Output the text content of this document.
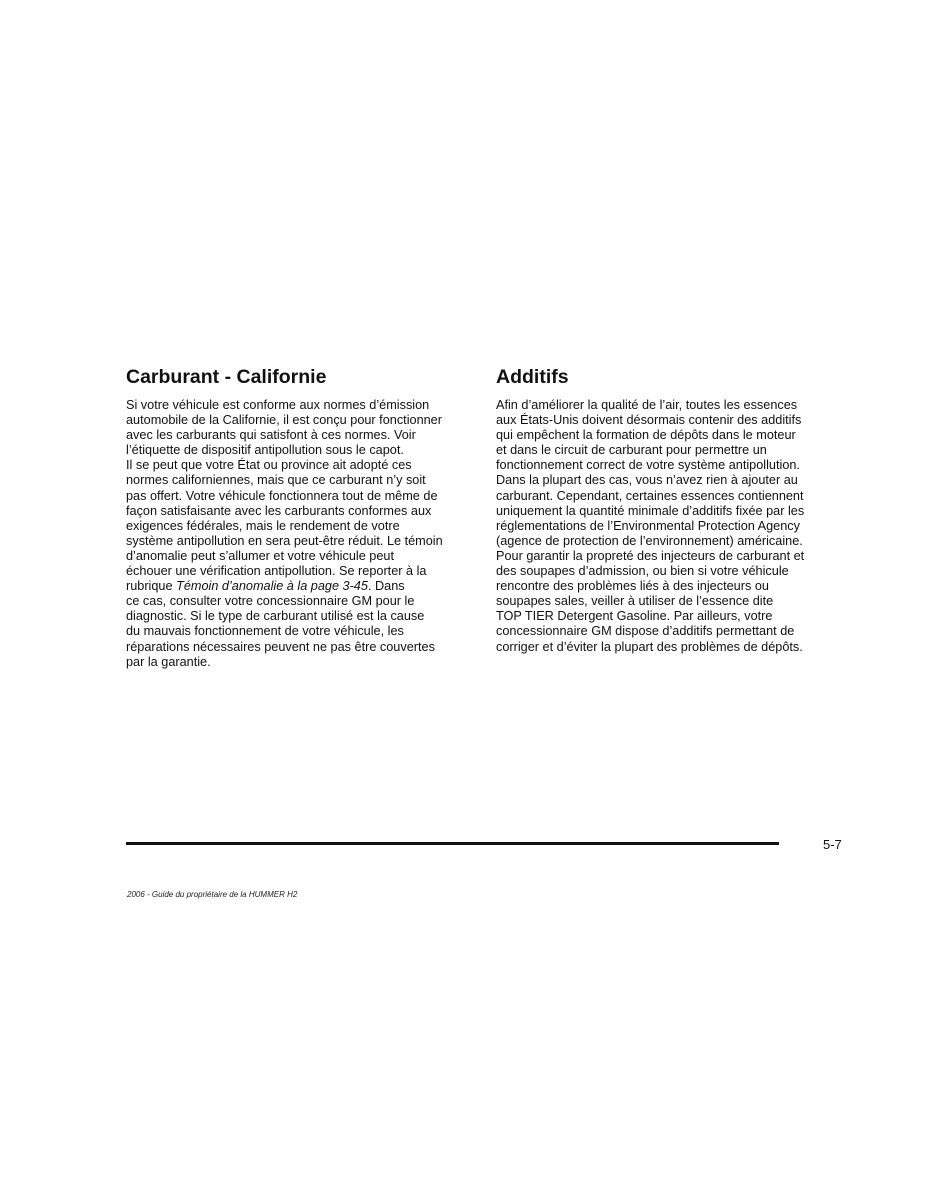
Carburant - Californie

Si votre véhicule est conforme aux normes d’émission
automobile de la Californie, il est conçu pour fonctionner
avec les carburants qui satisfont à ces normes. Voir
l’étiquette de dispositif antipollution sous le capot.
Il se peut que votre État ou province ait adopté ces
normes californiennes, mais que ce carburant n’y soit
pas offert. Votre véhicule fonctionnera tout de même de
façon satisfaisante avec les carburants conformes aux
exigences fédérales, mais le rendement de votre
système antipollution en sera peut-être réduit. Le témoin
d’anomalie peut s’allumer et votre véhicule peut
échouer une vérification antipollution. Se reporter à la
rubrique Témoin d’anomalie à la page 3-45. Dans
ce cas, consulter votre concessionnaire GM pour le
diagnostic. Si le type de carburant utilisé est la cause
du mauvais fonctionnement de votre véhicule, les
réparations nécessaires peuvent ne pas être couvertes
par la garantie.

Additifs

Afin d’améliorer la qualité de l’air, toutes les essences
aux États-Unis doivent désormais contenir des additifs
qui empêchent la formation de dépôts dans le moteur
et dans le circuit de carburant pour permettre un
fonctionnement correct de votre système antipollution.
Dans la plupart des cas, vous n’avez rien à ajouter au
carburant. Cependant, certaines essences contiennent
uniquement la quantité minimale d’additifs fixée par les
réglementations de l’Environmental Protection Agency
(agence de protection de l’environnement) américaine.
Pour garantir la propreté des injecteurs de carburant et
des soupapes d’admission, ou bien si votre véhicule
rencontre des problèmes liés à des injecteurs ou
soupapes sales, veiller à utiliser de l’essence dite
TOP TIER Detergent Gasoline. Par ailleurs, votre
concessionnaire GM dispose d’additifs permettant de
corriger et d’éviter la plupart des problèmes de dépôts.

5-7
2006 - Guide du propriétaire de la HUMMER H2
